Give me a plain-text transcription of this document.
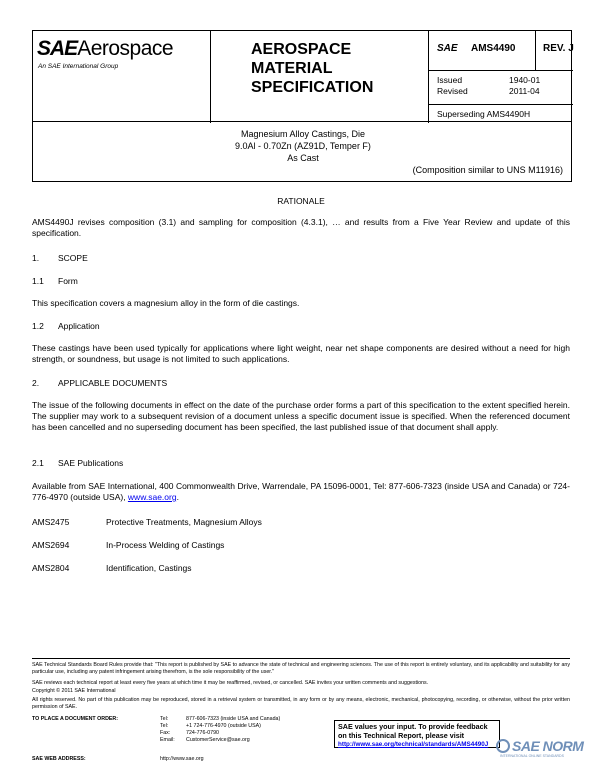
SAEAerospace
An SAE International Group
AEROSPACE
MATERIAL
SPECIFICATION
SAE AMS4490	REV. J
Issued	1940-01
Revised	2011-04
Superseding AMS4490H
Magnesium Alloy Castings, Die
9.0Al - 0.70Zn (AZ91D, Temper F)
As Cast
(Composition similar to UNS M11916)
RATIONALE
AMS4490J revises composition (3.1) and sampling for composition (4.3.1), … and results from a Five Year Review and update of this specification.
1. SCOPE
1.1 Form
This specification covers a magnesium alloy in the form of die castings.
1.2 Application
These castings have been used typically for applications where light weight, near net shape components are desired without a need for high strength, or soundness, but usage is not limited to such applications.
2. APPLICABLE DOCUMENTS
The issue of the following documents in effect on the date of the purchase order forms a part of this specification to the extent specified herein. The supplier may work to a subsequent revision of a document unless a specific document issue is specified. When the referenced document has been cancelled and no superseding document has been specified, the last published issue of that document shall apply.
2.1 SAE Publications
Available from SAE International, 400 Commonwealth Drive, Warrendale, PA 15096-0001, Tel: 877-606-7323 (inside USA and Canada) or 724-776-4970 (outside USA), www.sae.org.
AMS2475	Protective Treatments, Magnesium Alloys
AMS2694	In-Process Welding of Castings
AMS2804	Identification, Castings
SAE Technical Standards Board Rules provide that: "This report is published by SAE to advance the state of technical and engineering sciences. The use of this report is entirely voluntary, and its applicability and suitability for any particular use, including any patent infringement arising therefrom, is the sole responsibility of the user."
SAE reviews each technical report at least every five years at which time it may be reaffirmed, revised, or cancelled. SAE invites your written comments and suggestions.
Copyright © 2011 SAE International
All rights reserved. No part of this publication may be reproduced, stored in a retrieval system or transmitted, in any form or by any means, electronic, mechanical, photocopying, recording, or otherwise, without the prior written permission of SAE.
TO PLACE A DOCUMENT ORDER:	Tel:	877-606-7323 (inside USA and Canada)
Tel:	+1 724-776-4970 (outside USA)
Fax:	724-776-0790
Email: CustomerService@sae.org
SAE WEB ADDRESS:	http://www.sae.org
SAE values your input. To provide feedback
on this Technical Report, please visit
http://www.sae.org/technical/standards/AMS4490J	SAE NORM
INTERNATIONAL ONLINE STANDARDS
